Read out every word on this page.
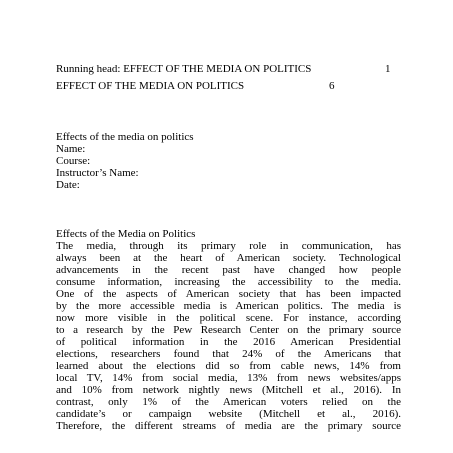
Running head: EFFECT OF THE MEDIA ON POLITICS	1
EFFECT OF THE MEDIA ON POLITICS	6
Effects of the media on politics
Name:
Course:
Instructor’s Name:
Date:
Effects of the Media on Politics
The media, through its primary role in communication, has
always been at the heart of American society. Technological
advancements in the recent past have changed how people
consume information, increasing the accessibility to the media.
One of the aspects of American society that has been impacted
by the more accessible media is American politics. The media is
now more visible in the political scene. For instance, according
to a research by the Pew Research Center on the primary source
of political information in the 2016 American Presidential
elections, researchers found that 24% of the Americans that
learned about the elections did so from cable news, 14% from
local TV, 14% from social media, 13% from news websites/apps
and 10% from network nightly news (Mitchell et al., 2016). In
contrast, only 1% of the American voters relied on the
candidate’s or campaign website (Mitchell et al., 2016).
Therefore, the different streams of media are the primary source
